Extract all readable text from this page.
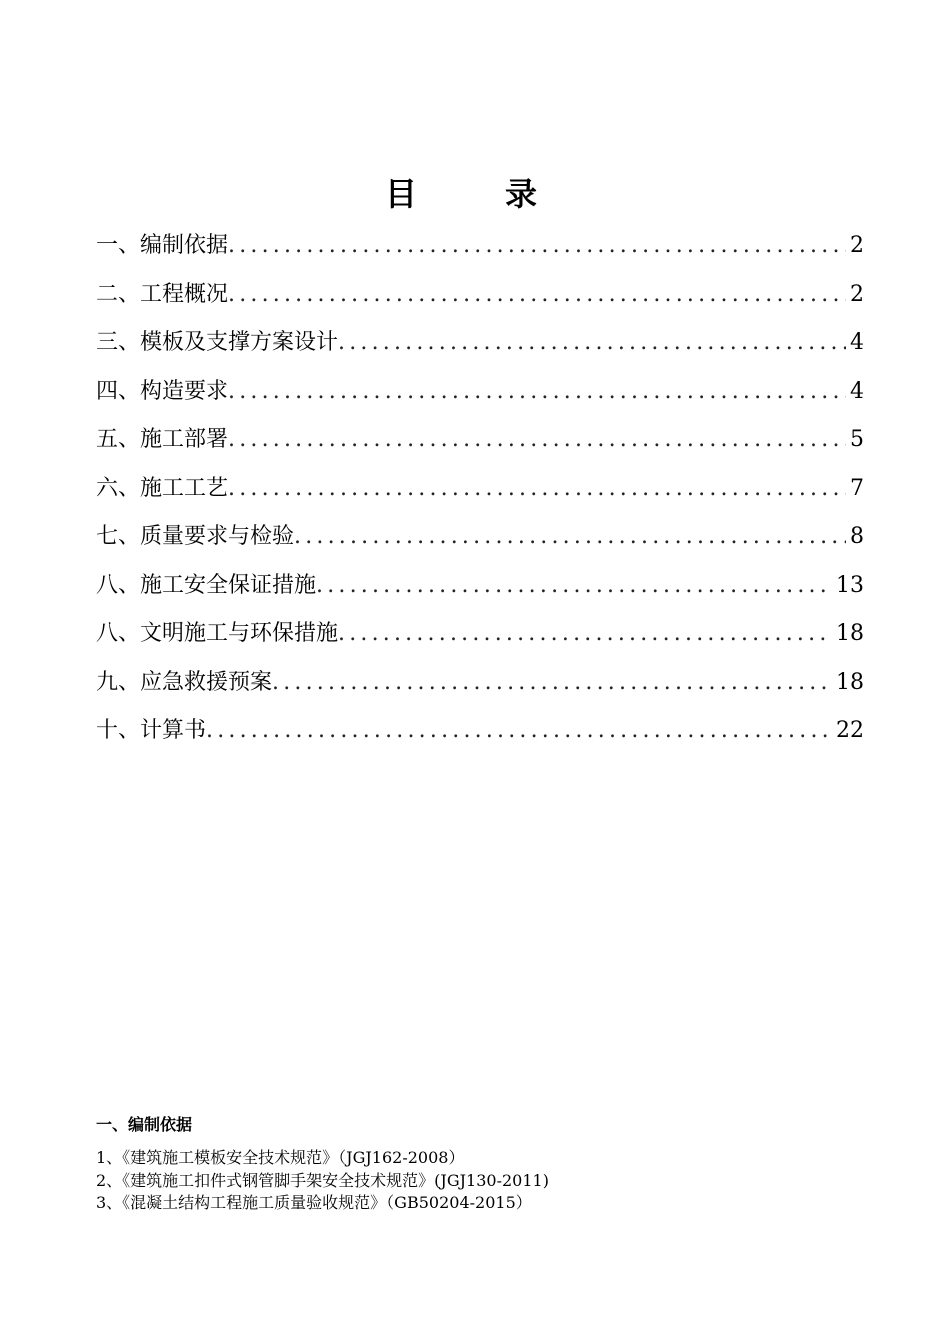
目　录
一、编制依据 .....	2
二、工程概况 .....	2
三、模板及支撑方案设计 .....	4
四、构造要求 .....	4
五、施工部署 .....	5
六、施工工艺 .....	7
七、质量要求与检验 .....	8
八、施工安全保证措施 .....	13
八、文明施工与环保措施 .....	18
九、应急救援预案 .....	18
十、计算书 .....	22
一、编制依据
1、《建筑施工模板安全技术规范》（JGJ162-2008）
2、《建筑施工扣件式钢管脚手架安全技术规范》(JGJ130-2011)
3、《混凝土结构工程施工质量验收规范》（GB50204-2015）
